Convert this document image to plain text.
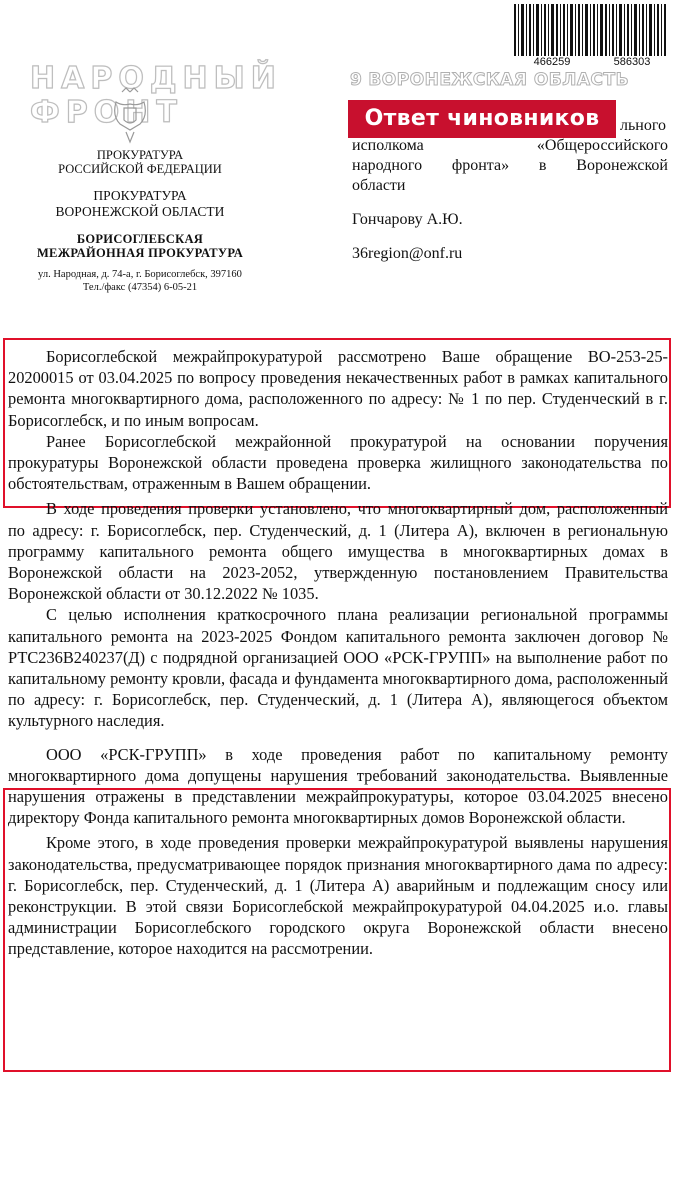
466259	586303
НАРОДНЫЙ
ФРОНТ
9 ВОРОНЕЖСКАЯ ОБЛАСТЬ
Ответ чиновников
ПРОКУРАТУРА
РОССИЙСКОЙ ФЕДЕРАЦИИ
ПРОКУРАТУРА
ВОРОНЕЖСКОЙ ОБЛАСТИ
БОРИСОГЛЕБСКАЯ
МЕЖРАЙОННАЯ ПРОКУРАТУРА
ул. Народная, д. 74-а, г. Борисоглебск, 397160
Тел./факс (47354) 6-05-21
льного
исполкома «Общероссийского
народного фронта» в Воронежской
области
Гончарову А.Ю.
36region@onf.ru

Борисоглебской межрайпрокуратурой рассмотрено Ваше обращение ВО-253-25-20200015 от 03.04.2025 по вопросу проведения некачественных работ в рамках капитального ремонта многоквартирного дома, расположенного по адресу: № 1 по пер. Студенческий в г. Борисоглебск, и по иным вопросам.

Ранее Борисоглебской межрайонной прокуратурой на основании поручения прокуратуры Воронежской области проведена проверка жилищного законодательства по обстоятельствам, отраженным в Вашем обращении.

В ходе проведения проверки установлено, что многоквартирный дом, расположенный по адресу: г. Борисоглебск, пер. Студенческий, д. 1 (Литера А), включен в региональную программу капитального ремонта общего имущества в многоквартирных домах в Воронежской области на 2023-2052, утвержденную постановлением Правительства Воронежской области от 30.12.2022 № 1035.

С целью исполнения краткосрочного плана реализации региональной программы капитального ремонта на 2023-2025 Фондом капитального ремонта заключен договор № РТС236В240237(Д) с подрядной организацией ООО «РСК-ГРУПП» на выполнение работ по капитальному ремонту кровли, фасада и фундамента многоквартирного дома, расположенный по адресу: г. Борисоглебск, пер. Студенческий, д. 1 (Литера А), являющегося объектом культурного наследия.

ООО «РСК-ГРУПП» в ходе проведения работ по капитальному ремонту многоквартирного дома допущены нарушения требований законодательства. Выявленные нарушения отражены в представлении межрайпрокуратуры, которое 03.04.2025 внесено директору Фонда капитального ремонта многоквартирных домов Воронежской области.

Кроме этого, в ходе проведения проверки межрайпрокуратурой выявлены нарушения законодательства, предусматривающее порядок признания многоквартирного дама по адресу: г. Борисоглебск, пер. Студенческий, д. 1 (Литера А) аварийным и подлежащим сносу или реконструкции. В этой связи Борисоглебской межрайпрокуратурой 04.04.2025 и.о. главы администрации Борисоглебского городского округа Воронежской области внесено представление, которое находится на рассмотрении.
